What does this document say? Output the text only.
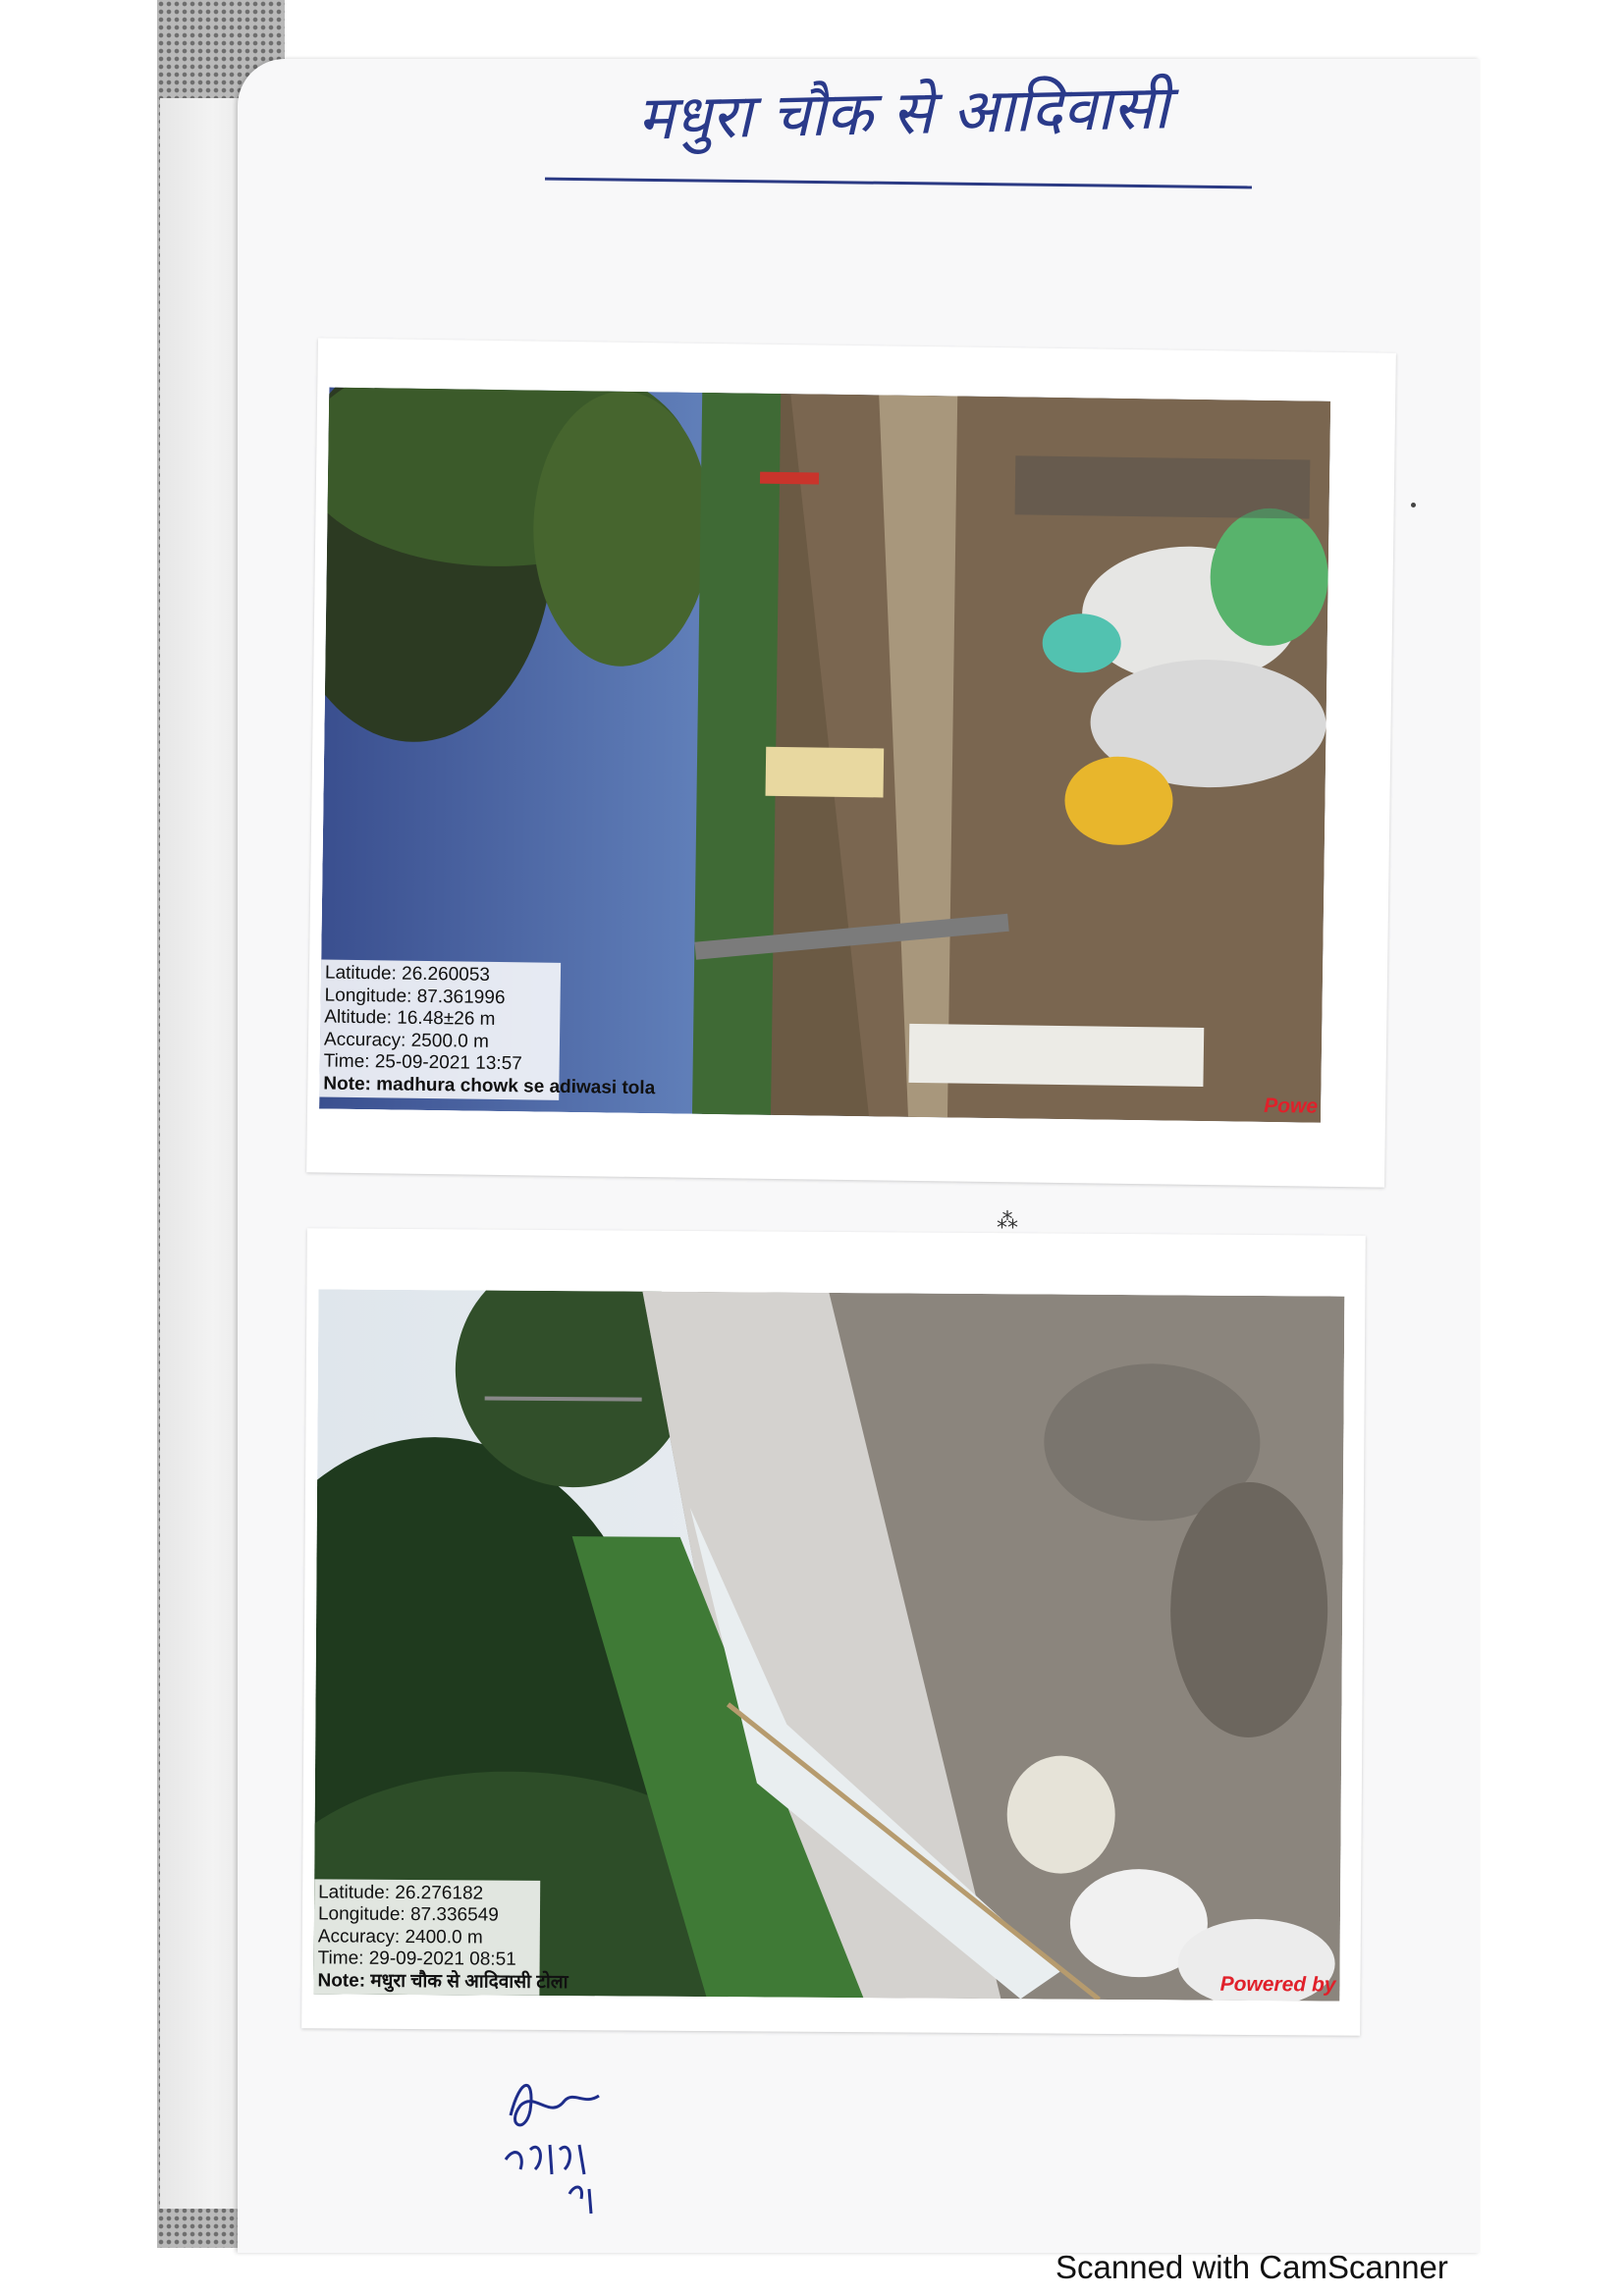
मधुरा चौक से आदिवासी
Latitude: 26.260053
Longitude: 87.361996
Altitude: 16.48±26 m
Accuracy: 2500.0 m
Time: 25-09-2021 13:57
Note: madhura chowk se adiwasi tola
Powe
⁂
Latitude: 26.276182
Longitude: 87.336549
Accuracy: 2400.0 m
Time: 29-09-2021 08:51
Note: मधुरा चौक से आदिवासी टोला	Powered by
Scanned with CamScanner
